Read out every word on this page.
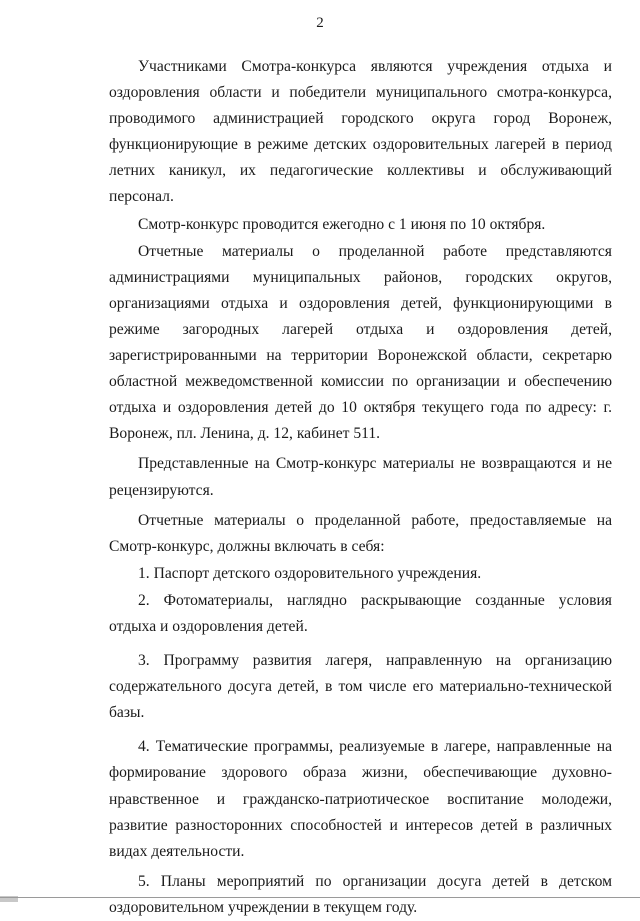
2

Участниками Смотра-конкурса являются учреждения отдыха и оздоровления области и победители муниципального смотра-конкурса, проводимого администрацией городского округа город Воронеж, функционирующие в режиме детских оздоровительных лагерей в период летних каникул, их педагогические коллективы и обслуживающий персонал.

Смотр-конкурс проводится ежегодно с 1 июня по 10 октября.

Отчетные материалы о проделанной работе представляются администрациями муниципальных районов, городских округов, организациями отдыха и оздоровления детей, функционирующими в режиме загородных лагерей отдыха и оздоровления детей, зарегистрированными на территории Воронежской области, секретарю областной межведомственной комиссии по организации и обеспечению отдыха и оздоровления детей до 10 октября текущего года по адресу: г. Воронеж, пл. Ленина, д. 12, кабинет 511.

Представленные на Смотр-конкурс материалы не возвращаются и не рецензируются.

Отчетные материалы о проделанной работе, предоставляемые на Смотр-конкурс, должны включать в себя:

1. Паспорт детского оздоровительного учреждения.

2. Фотоматериалы, наглядно раскрывающие созданные условия отдыха и оздоровления детей.

3. Программу развития лагеря, направленную на организацию содержательного досуга детей, в том числе его материально-технической базы.

4. Тематические программы, реализуемые в лагере, направленные на формирование здорового образа жизни, обеспечивающие духовно-нравственное и гражданско-патриотическое воспитание молодежи, развитие разносторонних способностей и интересов детей в различных видах деятельности.

5. Планы мероприятий по организации досуга детей в детском оздоровительном учреждении в текущем году.
